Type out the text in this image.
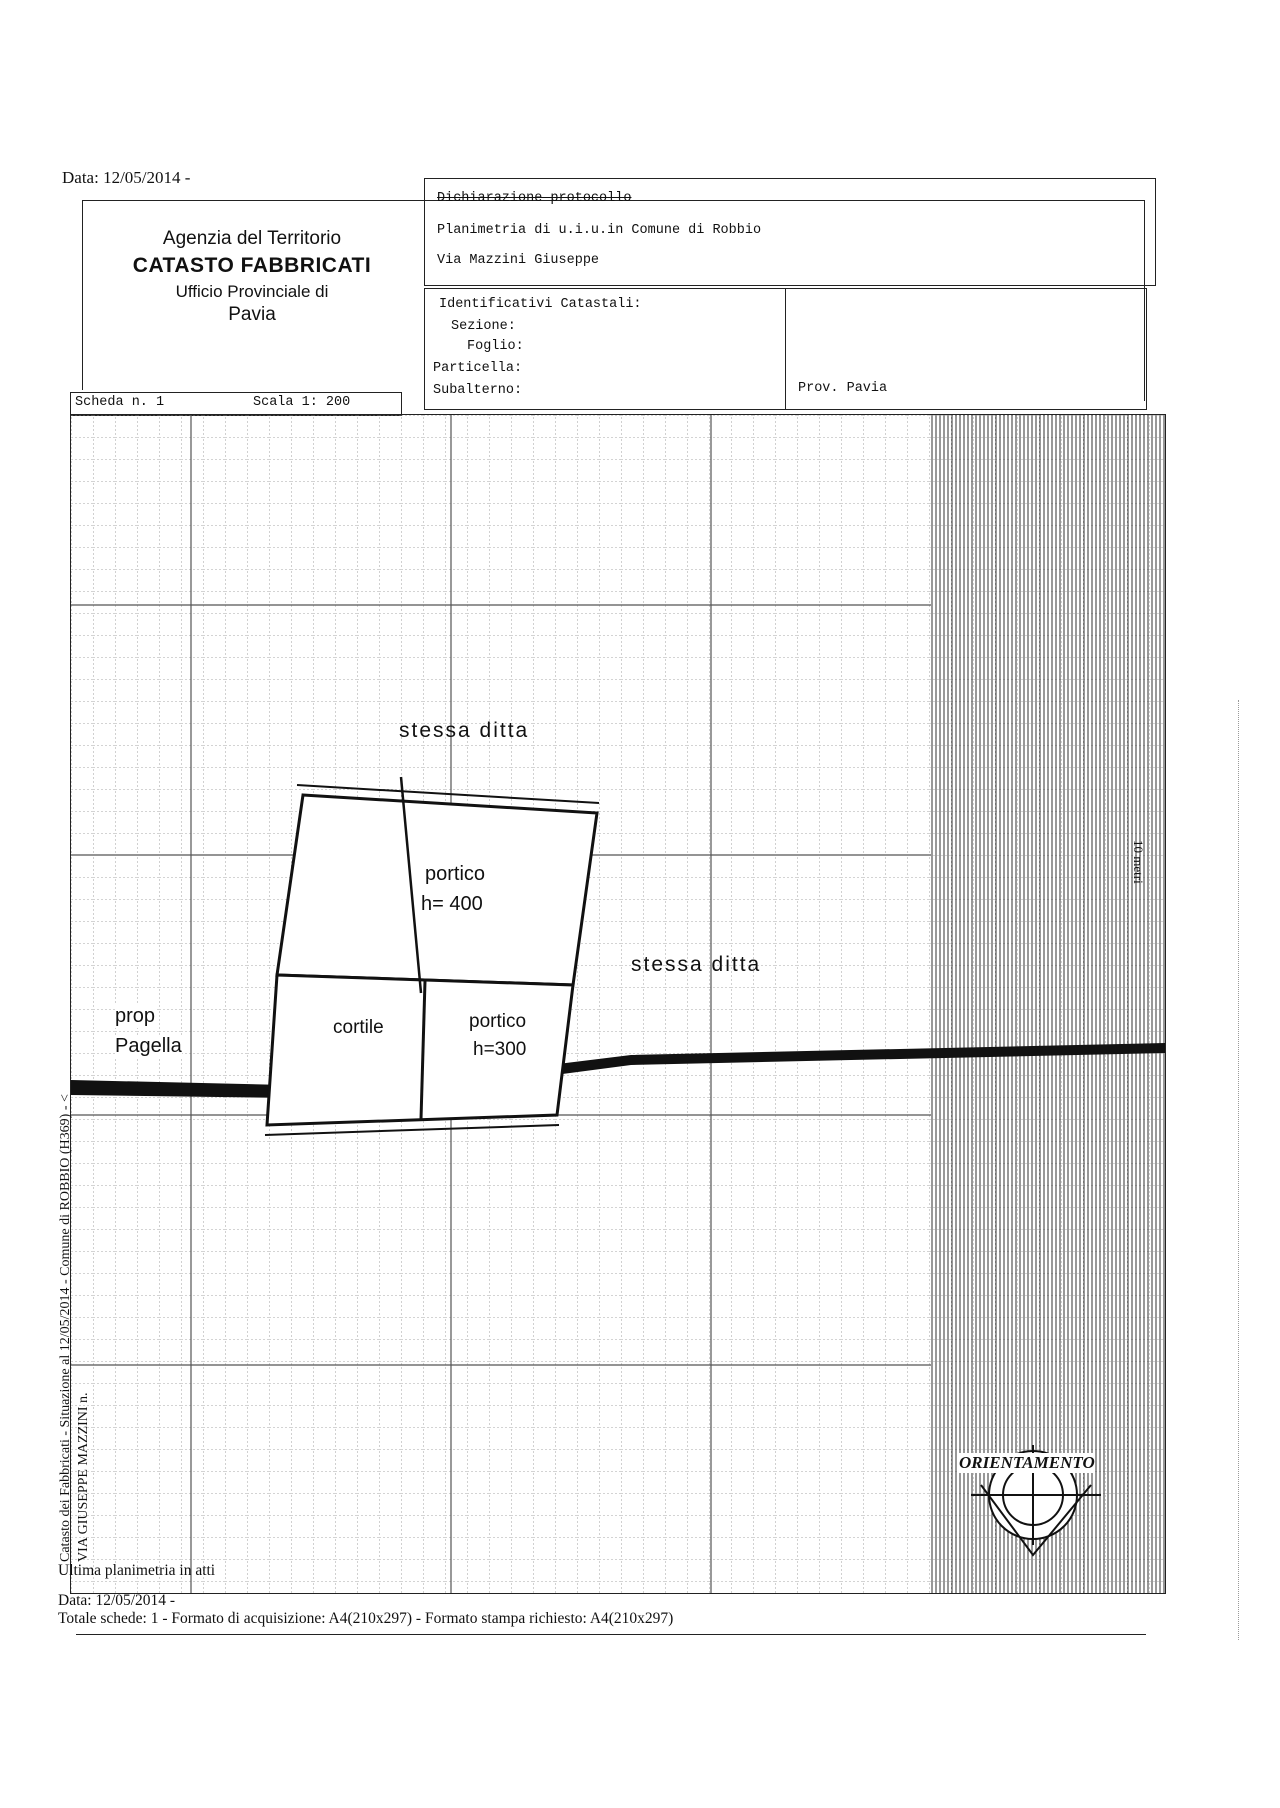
Data: 12/05/2014 -
Agenzia del Territorio
CATASTO FABBRICATI
Ufficio Provinciale di
Pavia
Dichiarazione protocollo
Planimetria di u.i.u.in Comune di Robbio
Via Mazzini Giuseppe
Identificativi Catastali:
Sezione:
Foglio:
Particella:
Subalterno:	Prov. Pavia
Scheda n. 1	Scala 1: 200
stessa ditta
stessa ditta
portico
h= 400
cortile	portico
h=300
prop
Pagella
ORIENTAMENTO
10 metri
Catasto dei Fabbricati - Situazione al 12/05/2014 - Comune di ROBBIO (H369) - < VIA GIUSEPPE MAZZINI n.
Ultima planimetria in atti
Data: 12/05/2014 -
Totale schede: 1 - Formato di acquisizione: A4(210x297) - Formato stampa richiesto: A4(210x297)
